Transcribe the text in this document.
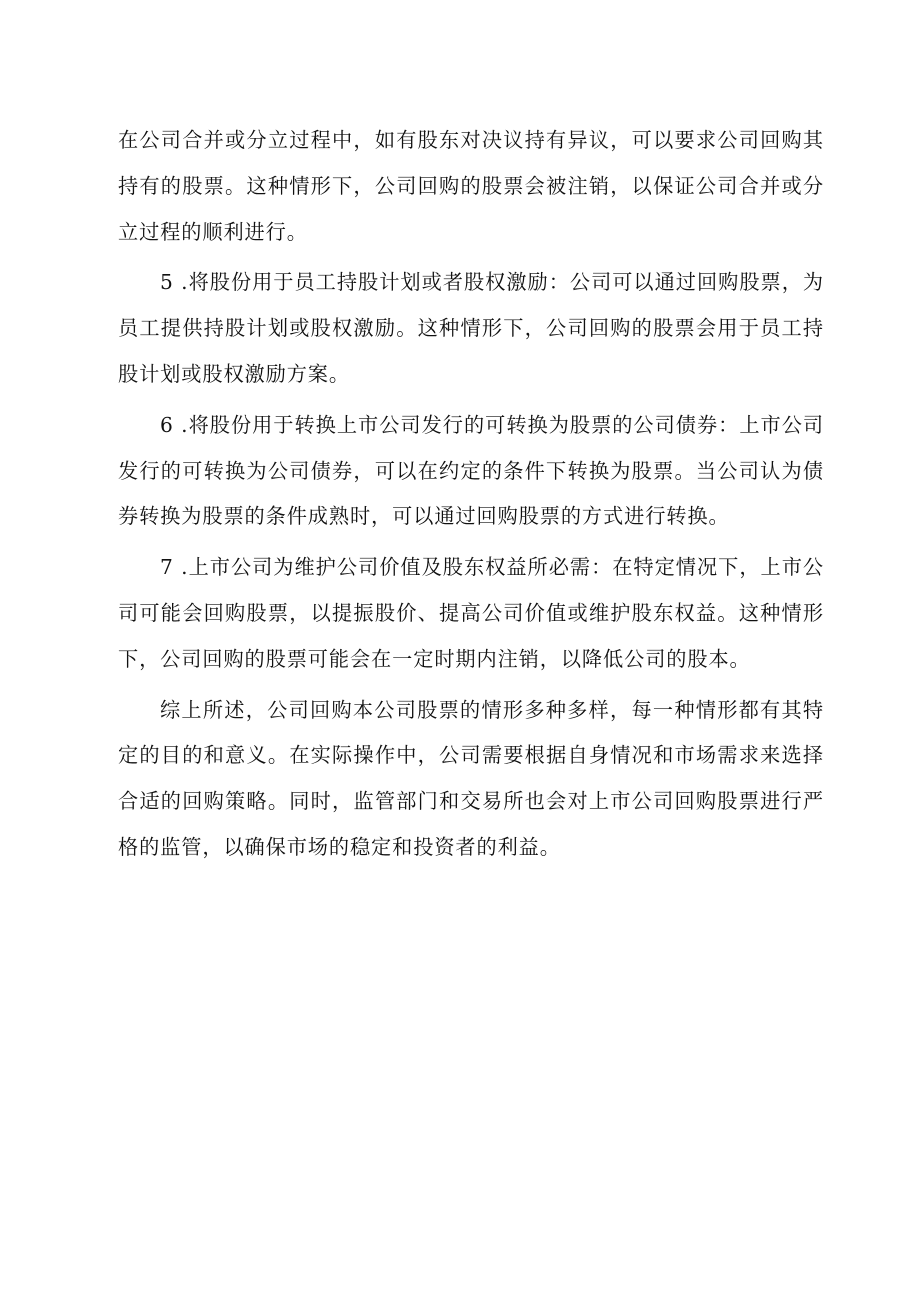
在公司合并或分立过程中，如有股东对决议持有异议，可以要求公司回购其持有的股票。这种情形下，公司回购的股票会被注销，以保证公司合并或分立过程的顺利进行。

5 .将股份用于员工持股计划或者股权激励：公司可以通过回购股票，为员工提供持股计划或股权激励。这种情形下，公司回购的股票会用于员工持股计划或股权激励方案。

6 .将股份用于转换上市公司发行的可转换为股票的公司债券：上市公司发行的可转换为公司债券，可以在约定的条件下转换为股票。当公司认为债券转换为股票的条件成熟时，可以通过回购股票的方式进行转换。

7 .上市公司为维护公司价值及股东权益所必需：在特定情况下，上市公司可能会回购股票，以提振股价、提高公司价值或维护股东权益。这种情形下，公司回购的股票可能会在一定时期内注销，以降低公司的股本。

综上所述，公司回购本公司股票的情形多种多样，每一种情形都有其特定的目的和意义。在实际操作中，公司需要根据自身情况和市场需求来选择合适的回购策略。同时，监管部门和交易所也会对上市公司回购股票进行严格的监管，以确保市场的稳定和投资者的利益。
